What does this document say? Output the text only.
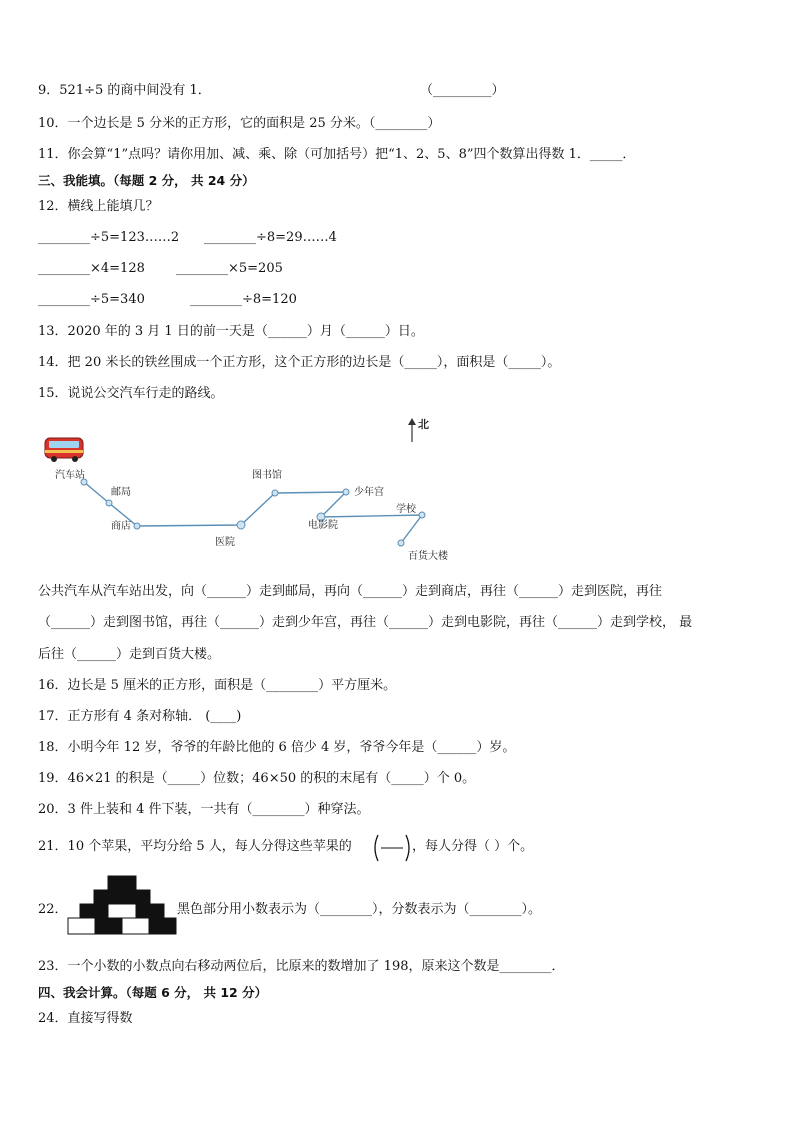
9．521÷5 的商中间没有 1．	（_________）
10．一个边长是 5 分米的正方形，它的面积是 25 分米。（________）
11．你会算“1”点吗？请你用加、减、乘、除（可加括号）把“1、2、5、8”四个数算出得数 1．_____．
三、我能填。（每题 2 分， 共 24 分）
12．横线上能填几？
________÷5=123……2 ________÷8=29……4
________×4=128 ________×5=205
________÷5=340	________÷8=120
13．2020 年的 3 月 1 日的前一天是（______）月（______）日。
14．把 20 米长的铁丝围成一个正方形，这个正方形的边长是（_____），面积是（_____）。
15．说说公交汽车行走的路线。
北
汽车站
邮局
商店
医院
图书馆
少年宫
电影院
学校
百货大楼
公共汽车从汽车站出发，向（______）走到邮局，再向（______）走到商店，再往（______）走到医院，再往
（______）走到图书馆，再往（______）走到少年宫，再往（______）走到电影院，再往（______）走到学校， 最
后往（______）走到百货大楼。
16．边长是 5 厘米的正方形，面积是（________）平方厘米。
17．正方形有 4 条对称轴． (____)
18．小明今年 12 岁，爷爷的年龄比他的 6 倍少 4 岁，爷爷今年是（______）岁。
19．46×21 的积是（_____）位数；46×50 的积的末尾有（_____）个 0。
20．3 件上装和 4 件下装，一共有（________）种穿法。
21．10 个苹果，平均分给 5 人，每人分得这些苹果的	，每人分得（ ）个。
22．	黑色部分用小数表示为（________），分数表示为（________）。
23．一个小数的小数点向右移动两位后，比原来的数增加了 198，原来这个数是________．
四、我会计算。（每题 6 分， 共 12 分）
24．直接写得数
